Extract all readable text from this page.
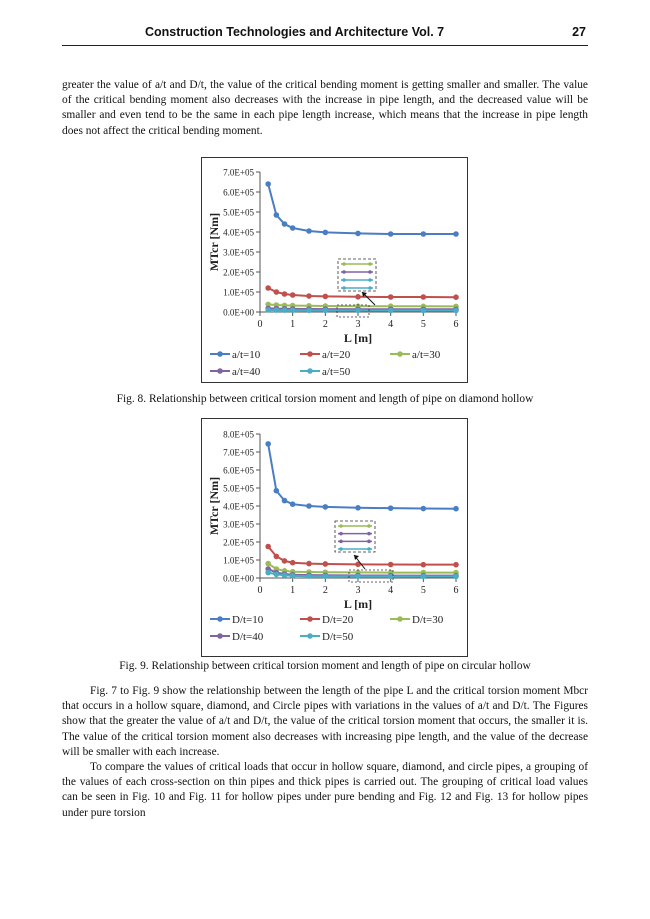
Construction Technologies and Architecture Vol. 7	27

greater the value of a/t and D/t, the value of the critical bending moment is getting smaller and smaller. The value of the critical bending moment also decreases with the increase in pipe length, and the decreased value will be smaller and even tend to be the same in each pipe length increase, which means that the increase in pipe length does not affect the critical bending moment.

0.0E+00
1.0E+05
2.0E+05
3.0E+05
4.0E+05
5.0E+05
6.0E+05
7.0E+05
0	1	2	3	4	5	6
L [m]
MTcr [Nm]
a/t=10	a/t=20	a/t=30
a/t=40	a/t=50

Fig. 8. Relationship between critical torsion moment and length of pipe on diamond hollow

0.0E+00
1.0E+05
2.0E+05
3.0E+05
4.0E+05
5.0E+05
6.0E+05
7.0E+05
8.0E+05
0	1	2	3	4	5	6
L [m]
MTcr [Nm]
D/t=10	D/t=20	D/t=30
D/t=40	D/t=50

Fig. 9. Relationship between critical torsion moment and length of pipe on circular hollow

Fig. 7 to Fig. 9 show the relationship between the length of the pipe L and the critical torsion moment Mbcr that occurs in a hollow square, diamond, and Circle pipes with variations in the values of a/t and D/t. The Figures show that the greater the value of a/t and D/t, the value of the critical torsion moment that occurs, the smaller it is. The value of the critical torsion moment also decreases with increasing pipe length, and the value of the decrease will be smaller with each increase.

To compare the values of critical loads that occur in hollow square, diamond, and circle pipes, a grouping of the values of each cross-section on thin pipes and thick pipes is carried out. The grouping of critical load values can be seen in Fig. 10 and Fig. 11 for hollow pipes under pure bending and Fig. 12 and Fig. 13 for hollow pipes under pure torsion
